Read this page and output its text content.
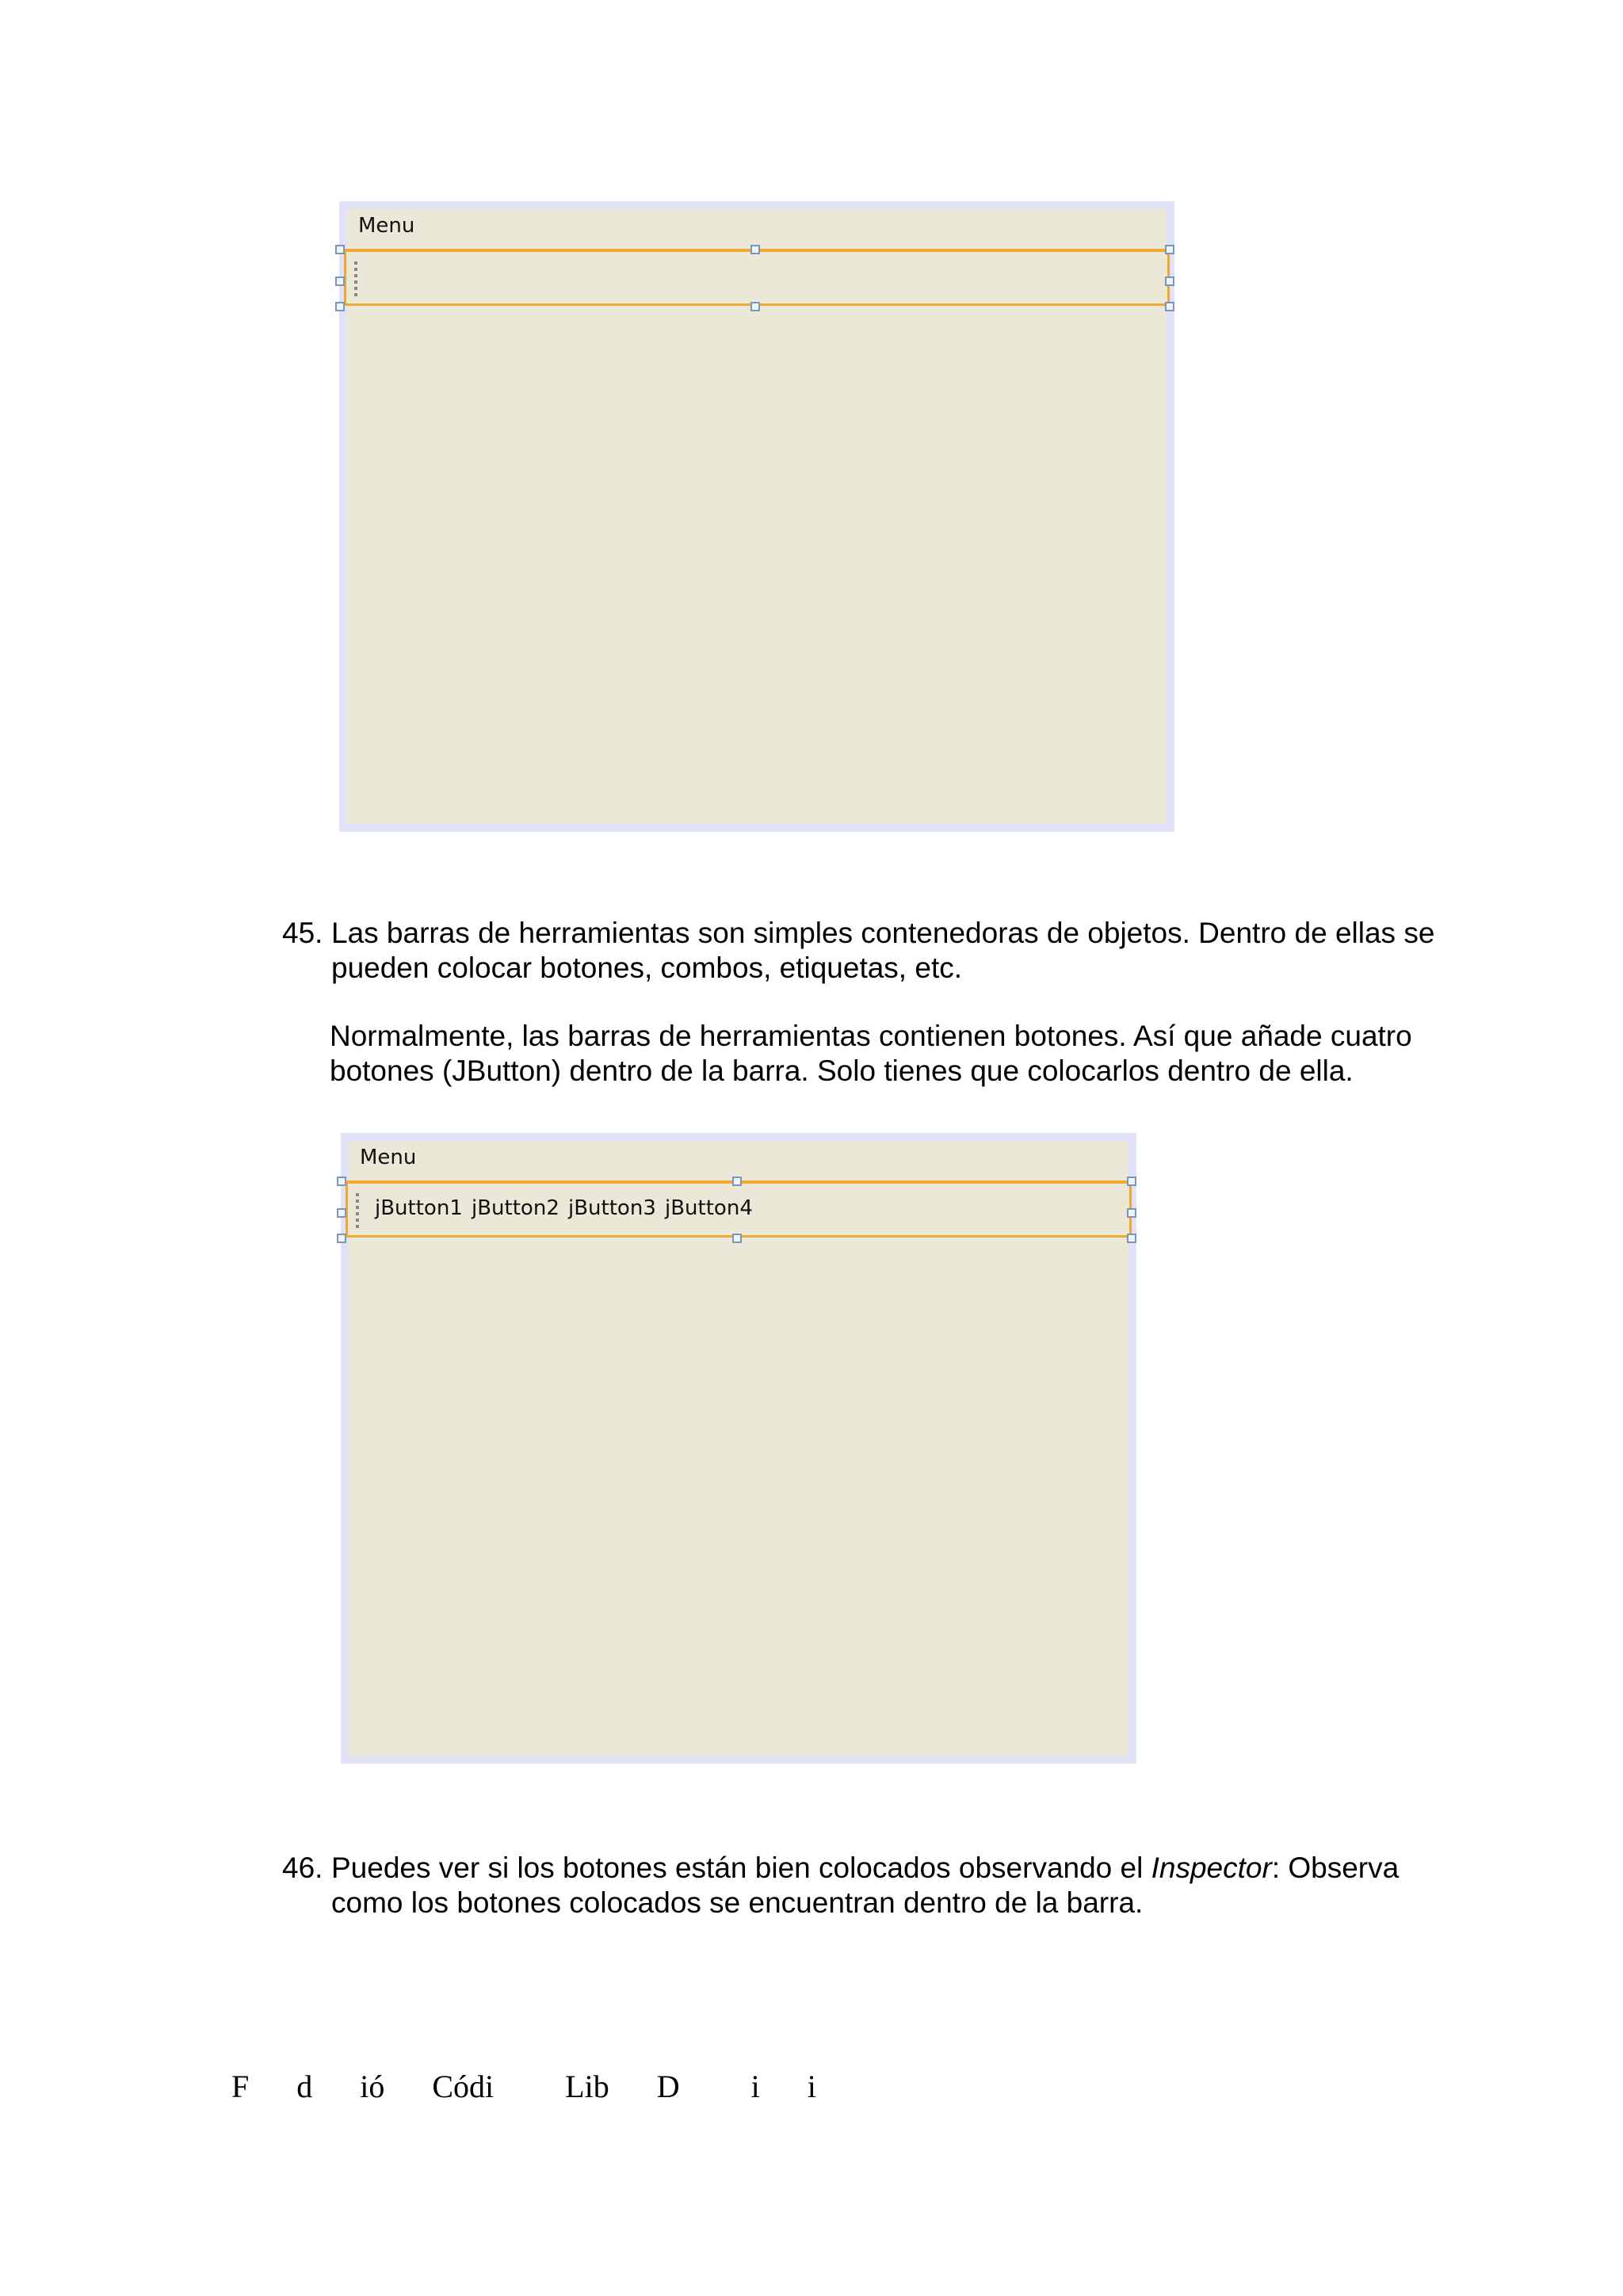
Menu
45. Las barras de herramientas son simples contenedoras de objetos. Dentro de ellas se
pueden colocar botones, combos, etiquetas, etc.
Normalmente, las barras de herramientas contienen botones. Así que añade cuatro
botones (JButton) dentro de la barra. Solo tienes que colocarlos dentro de ella.
Menu
jButton1 jButton2 jButton3 jButton4
46. Puedes ver si los botones están bien colocados observando el Inspector: Observa
como los botones colocados se encuentran dentro de la barra.
F  d  ió  Códi   Lib  D   i  i
